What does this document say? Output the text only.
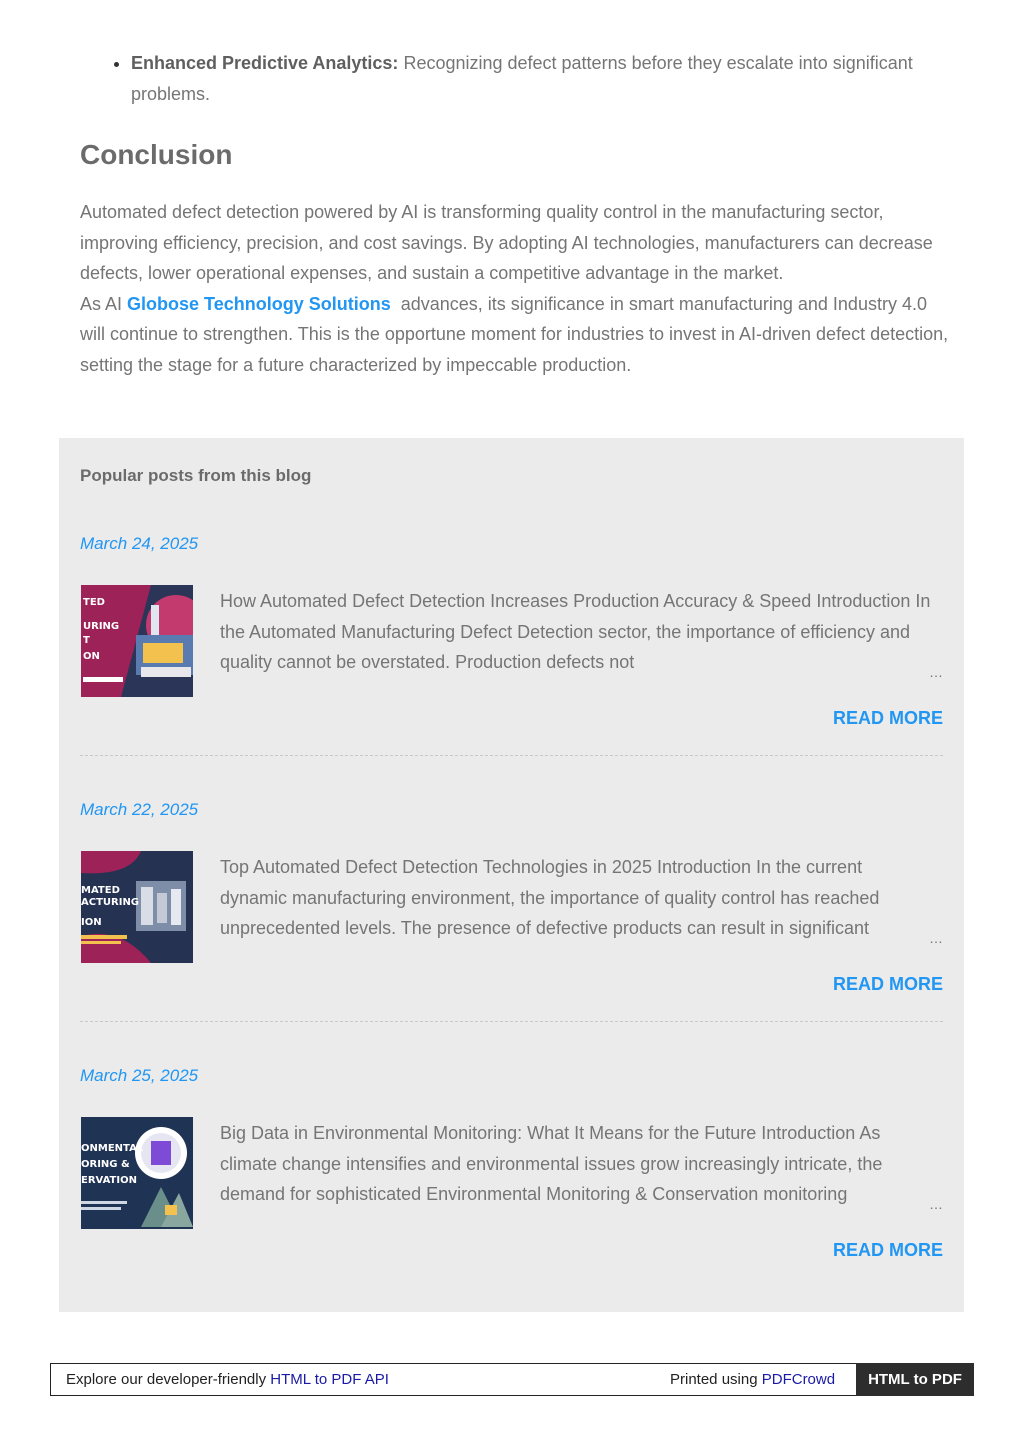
• Enhanced Predictive Analytics: Recognizing defect patterns before they escalate into significant problems.
Conclusion

Automated defect detection powered by AI is transforming quality control in the manufacturing sector, improving efficiency, precision, and cost savings. By adopting AI technologies, manufacturers can decrease defects, lower operational expenses, and sustain a competitive advantage in the market.
As AI Globose Technology Solutions  advances, its significance in smart manufacturing and Industry 4.0 will continue to strengthen. This is the opportune moment for industries to invest in AI-driven defect detection, setting the stage for a future characterized by impeccable production.

Popular posts from this blog
March 24, 2025
TED
URING
T
ON
How Automated Defect Detection Increases Production Accuracy & Speed Introduction In the Automated Manufacturing Defect Detection sector, the importance of efficiency and quality cannot be overstated. Production defects not	…
READ MORE
March 22, 2025
MATED
ACTURING
ION
Top Automated Defect Detection Technologies in 2025 Introduction In the current dynamic manufacturing environment, the importance of quality control has reached unprecedented levels. The presence of defective products can result in significant	…
READ MORE
March 25, 2025
ONMENTAL
ORING &
ERVATION
Big Data in Environmental Monitoring: What It Means for the Future Introduction As climate change intensifies and environmental issues grow increasingly intricate, the demand for sophisticated Environmental Monitoring & Conservation monitoring	…
READ MORE
Explore our developer-friendly HTML to PDF API	Printed using PDFCrowd	HTML to PDF
